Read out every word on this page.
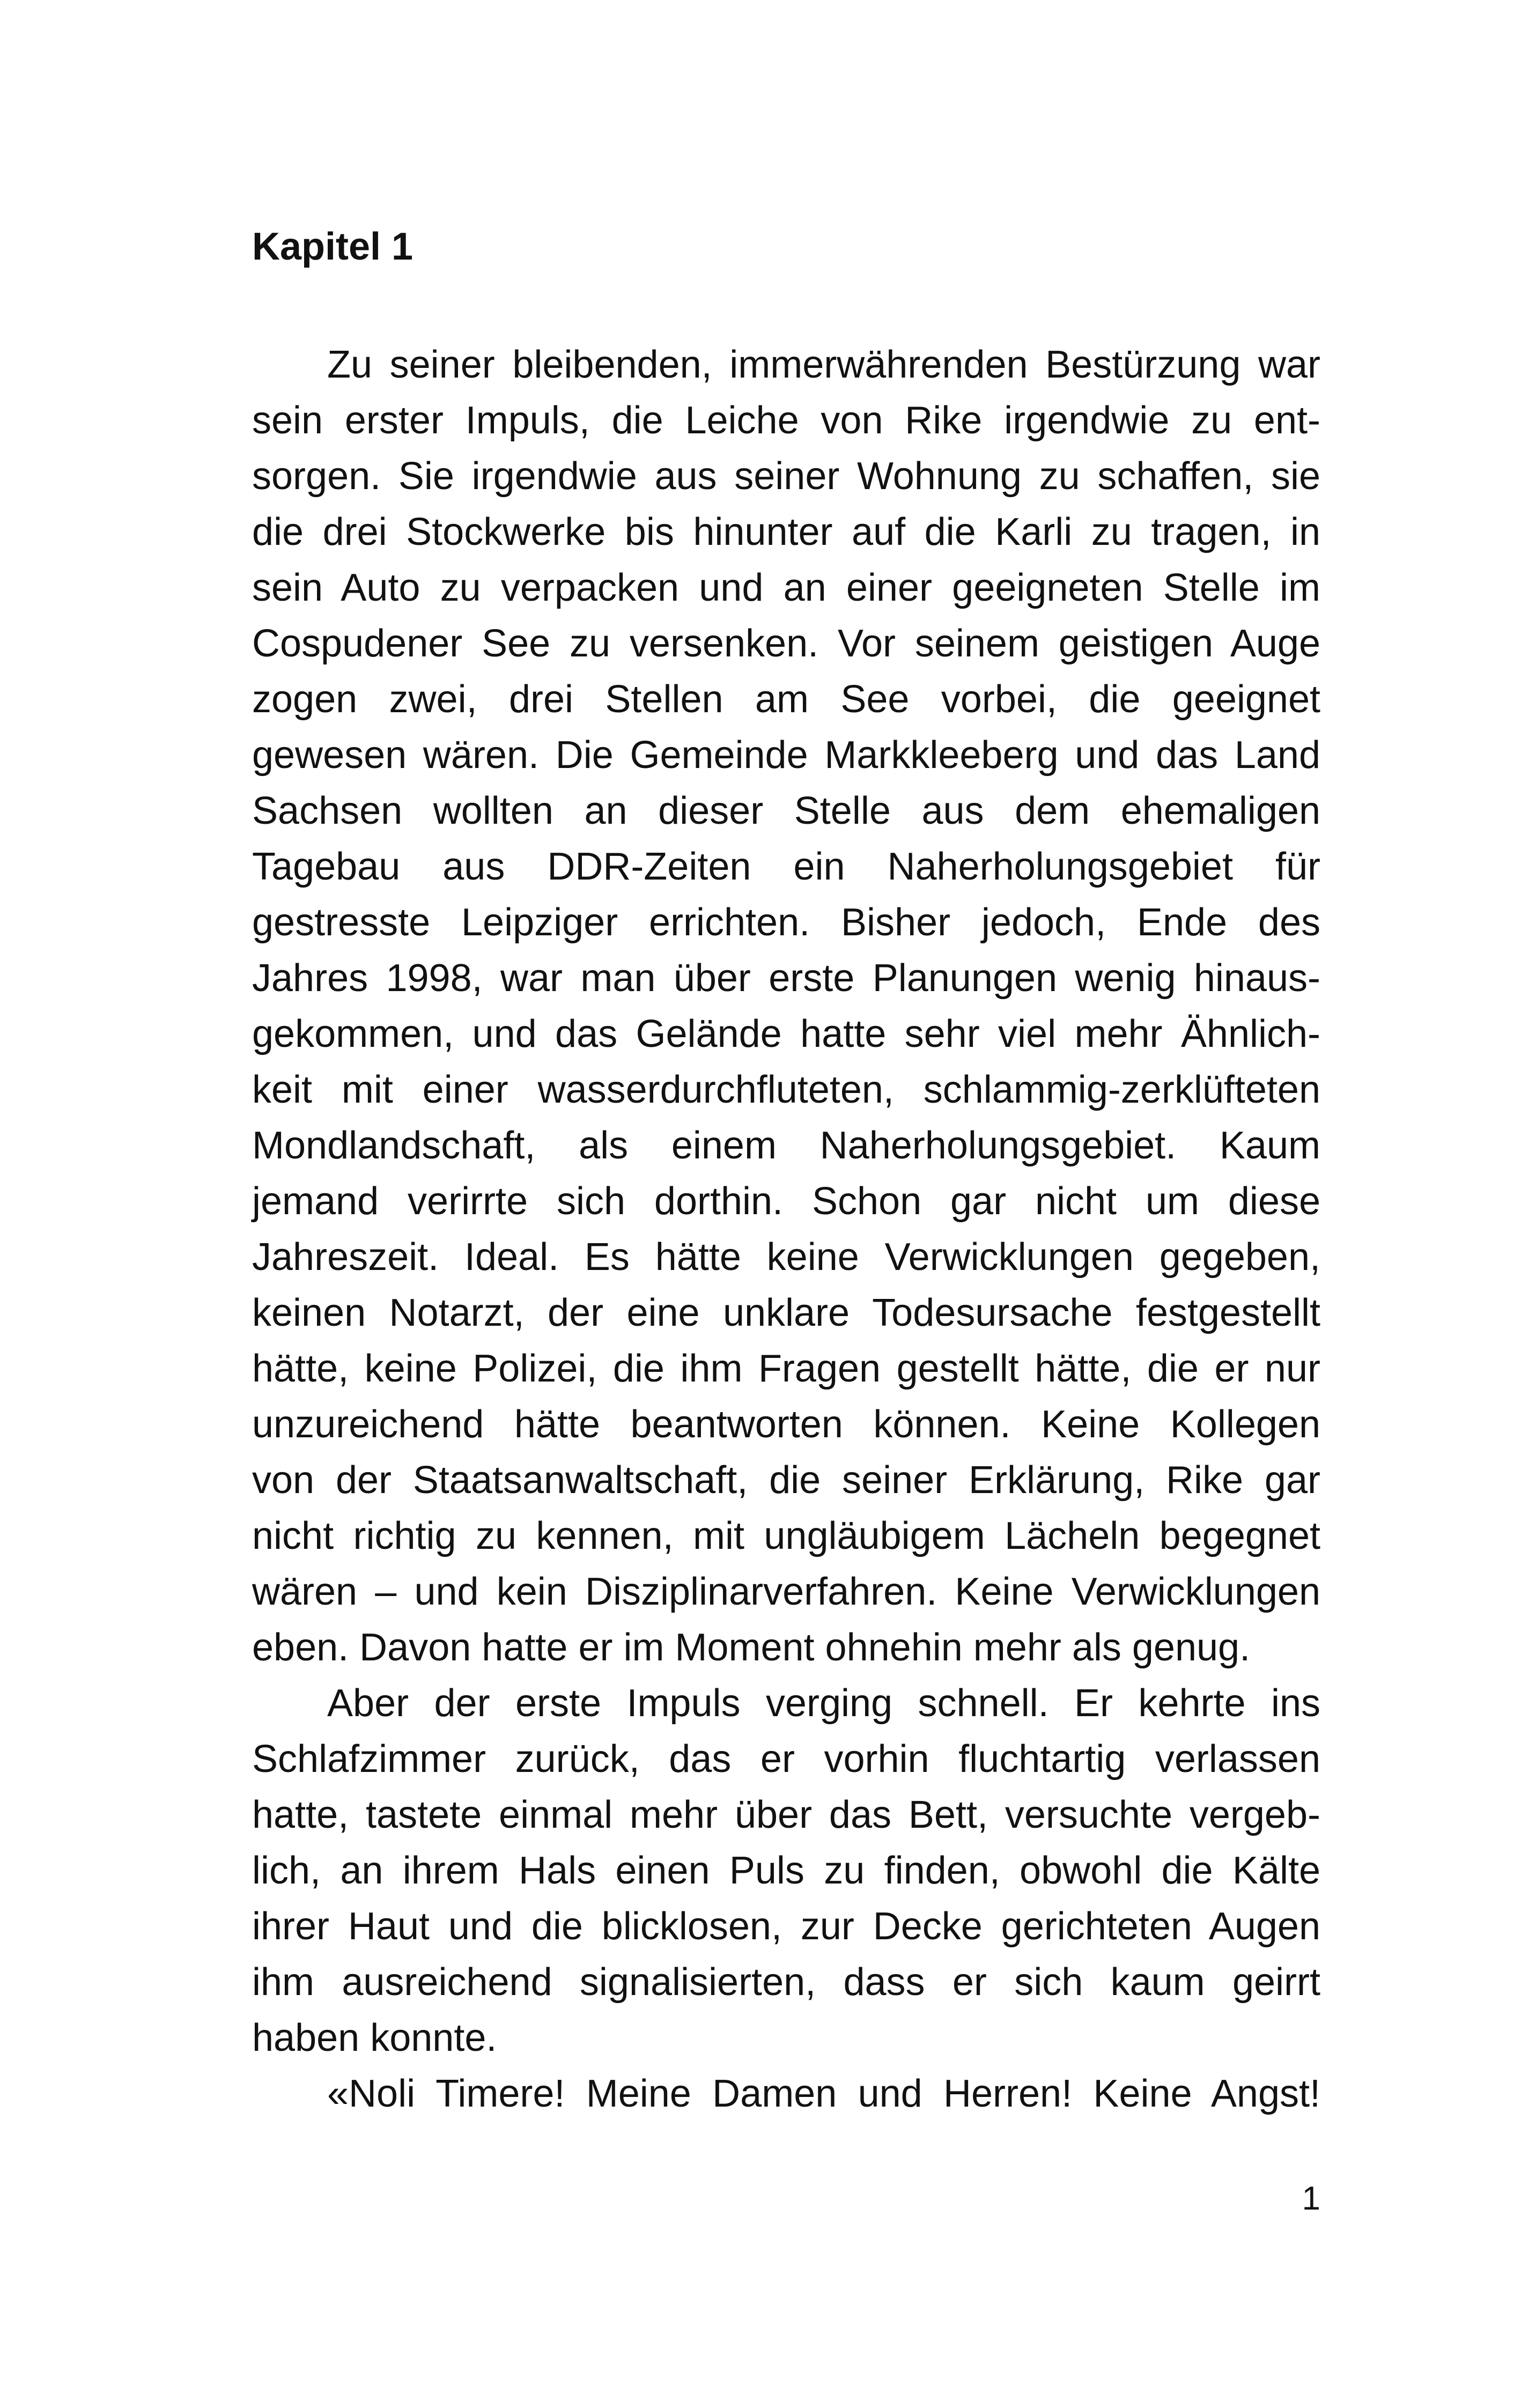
Kapitel 1

Zu seiner bleibenden, immerwährenden Bestürzung war

sein erster Impuls, die Leiche von Rike irgendwie zu ent-

sorgen. Sie irgendwie aus seiner Wohnung zu schaffen, sie

die drei Stockwerke bis hinunter auf die Karli zu tragen, in

sein Auto zu verpacken und an einer geeigneten Stelle im

Cospudener See zu versenken. Vor seinem geistigen Auge

zogen zwei, drei Stellen am See vorbei, die geeignet

gewesen wären. Die Gemeinde Markkleeberg und das Land

Sachsen wollten an dieser Stelle aus dem ehemaligen

Tagebau aus DDR-Zeiten ein Naherholungsgebiet für

gestresste Leipziger errichten. Bisher jedoch, Ende des

Jahres 1998, war man über erste Planungen wenig hinaus-

gekommen, und das Gelände hatte sehr viel mehr Ähnlich-

keit mit einer wasserdurchfluteten, schlammig-zerklüfteten

Mondlandschaft, als einem Naherholungsgebiet. Kaum

jemand verirrte sich dorthin. Schon gar nicht um diese

Jahreszeit. Ideal. Es hätte keine Verwicklungen gegeben,

keinen Notarzt, der eine unklare Todesursache festgestellt

hätte, keine Polizei, die ihm Fragen gestellt hätte, die er nur

unzureichend hätte beantworten können. Keine Kollegen

von der Staatsanwaltschaft, die seiner Erklärung, Rike gar

nicht richtig zu kennen, mit ungläubigem Lächeln begegnet

wären – und kein Disziplinarverfahren. Keine Verwicklungen

eben. Davon hatte er im Moment ohnehin mehr als genug.

Aber der erste Impuls verging schnell. Er kehrte ins

Schlafzimmer zurück, das er vorhin fluchtartig verlassen

hatte, tastete einmal mehr über das Bett, versuchte vergeb-

lich, an ihrem Hals einen Puls zu finden, obwohl die Kälte

ihrer Haut und die blicklosen, zur Decke gerichteten Augen

ihm ausreichend signalisierten, dass er sich kaum geirrt

haben konnte.

«Noli Timere! Meine Damen und Herren! Keine Angst!

1
